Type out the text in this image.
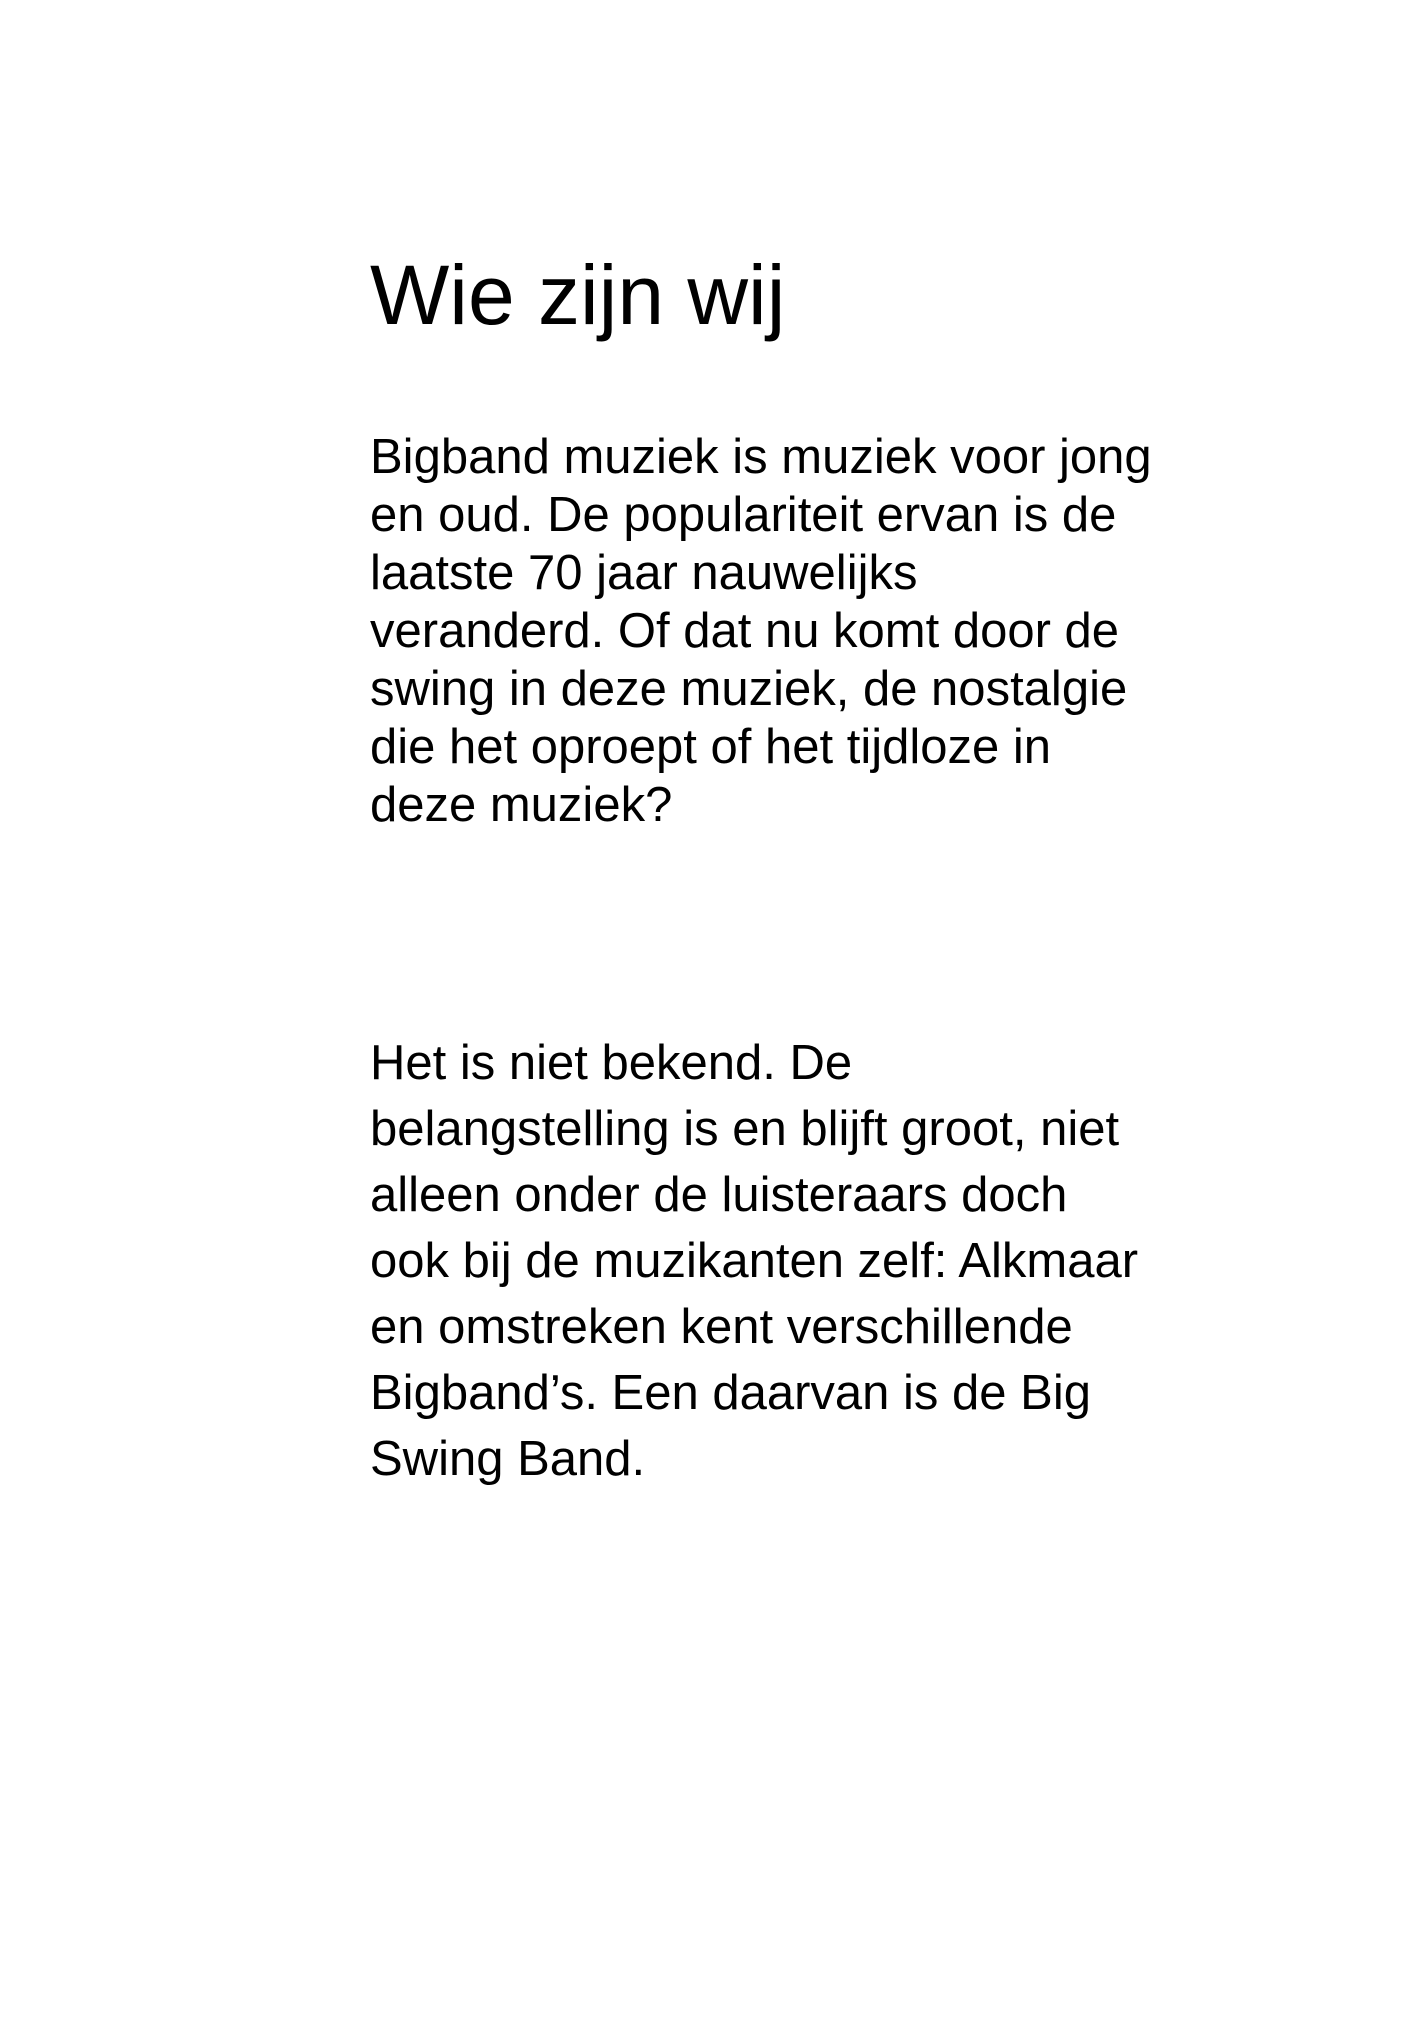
Wie zijn wij

Bigband muziek is muziek voor jong

en oud. De populariteit ervan is de

laatste 70 jaar nauwelijks

veranderd. Of dat nu komt door de

swing in deze muziek, de nostalgie

die het oproept of het tijdloze in

deze muziek?

Het is niet bekend. De

belangstelling is en blijft groot, niet

alleen onder de luisteraars doch

ook bij de muzikanten zelf: Alkmaar

en omstreken kent verschillende

Bigband’s. Een daarvan is de Big

Swing Band.
